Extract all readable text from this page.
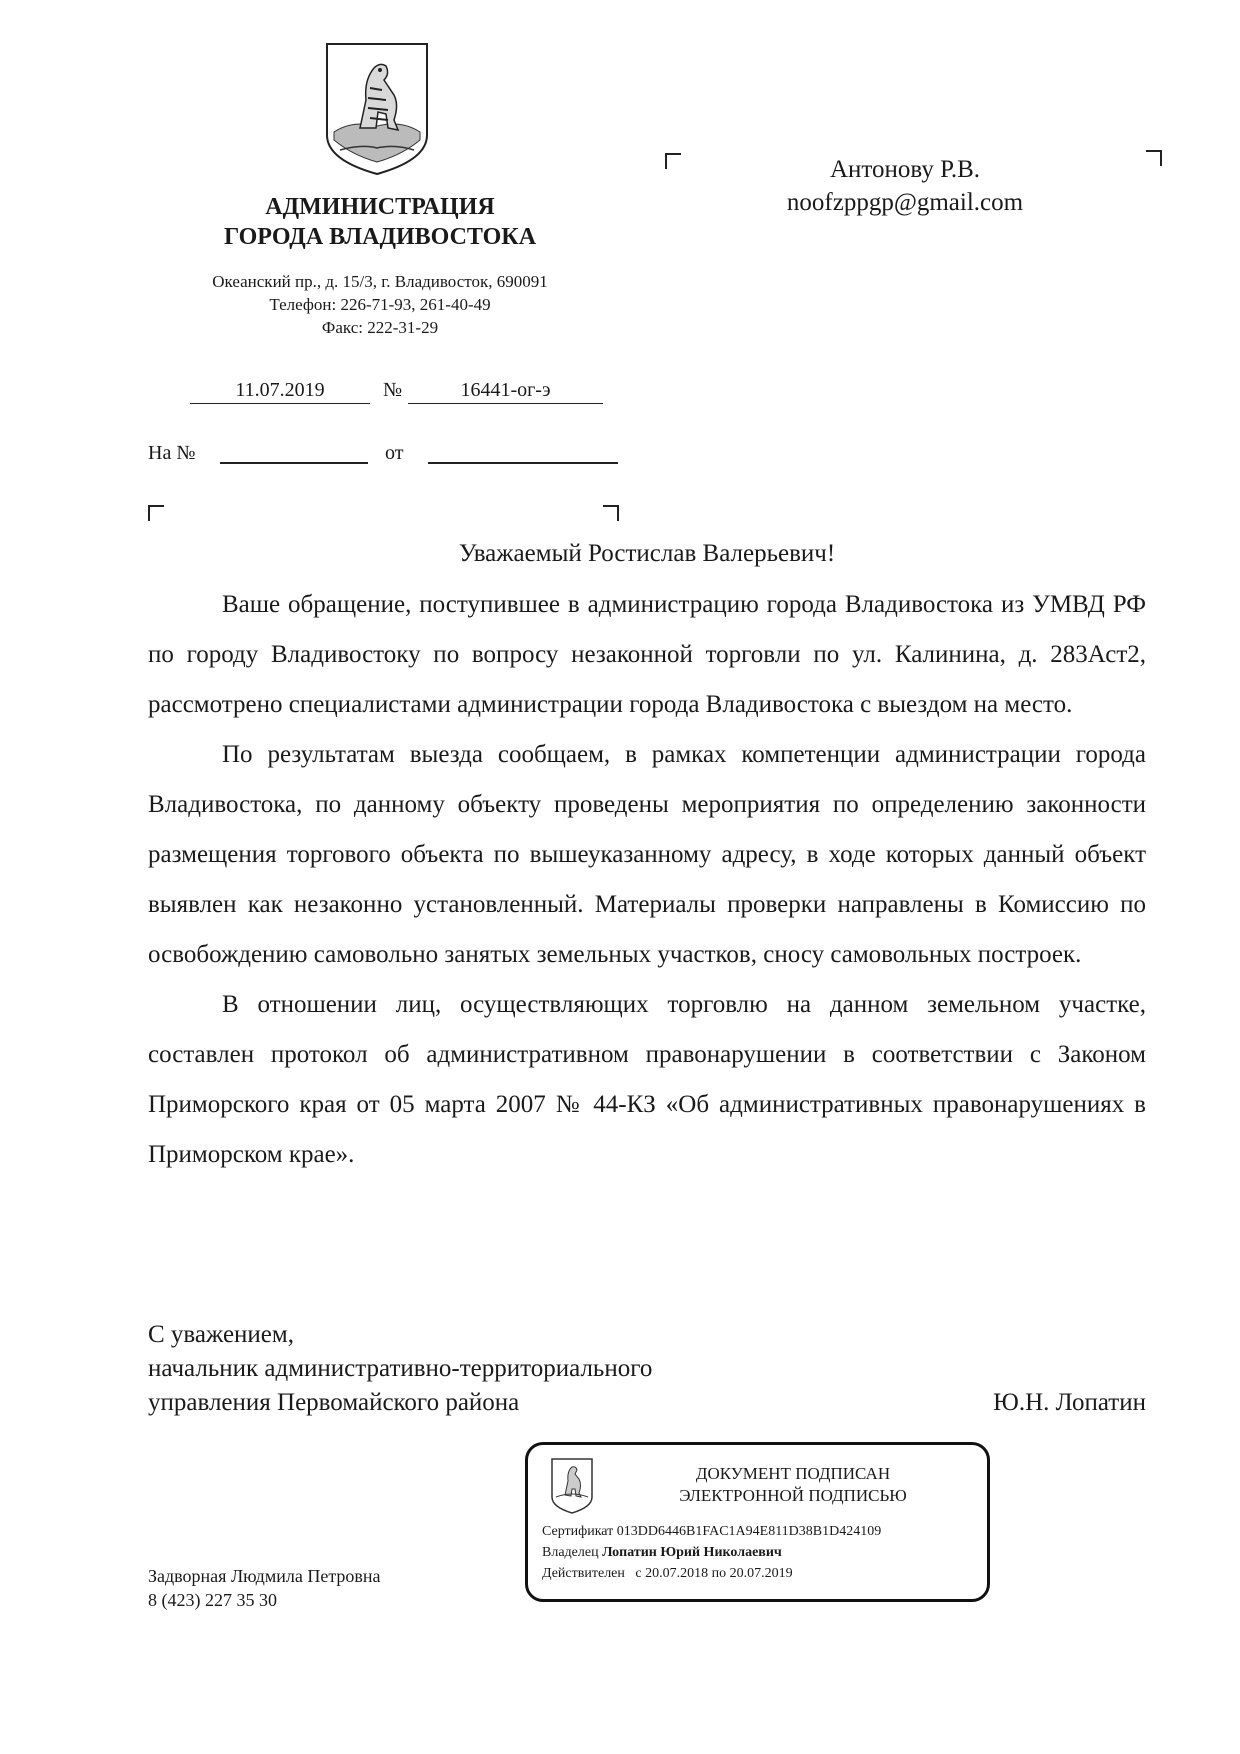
АДМИНИСТРАЦИЯ
ГОРОДА ВЛАДИВОСТОКА
Океанский пр., д. 15/3, г. Владивосток, 690091
Телефон: 226-71-93, 261-40-49
Факс: 222-31-29
11.07.2019	№	16441-ог-э
На №	от
Антонову Р.В.
noofzppgp@gmail.com
Уважаемый Ростислав Валерьевич!

Ваше обращение, поступившее в администрацию города Владивостока из УМВД РФ по городу Владивостоку по вопросу незаконной торговли по ул. Калинина, д. 283Аст2, рассмотрено специалистами администрации города Владивостока с выездом на место.

По результатам выезда сообщаем, в рамках компетенции администрации города Владивостока, по данному объекту проведены мероприятия по определению законности размещения торгового объекта по вышеуказанному адресу, в ходе которых данный объект выявлен как незаконно установленный. Материалы проверки направлены в Комиссию по освобождению самовольно занятых земельных участков, сносу самовольных построек.

В отношении лиц, осуществляющих торговлю на данном земельном участке, составлен протокол об административном правонарушении в соответствии с Законом Приморского края от 05 марта 2007 № 44-КЗ «Об административных правонарушениях в Приморском крае».

С уважением,
начальник административно-территориального
управления Первомайского района	Ю.Н. Лопатин
ДОКУМЕНТ ПОДПИСАН
ЭЛЕКТРОННОЙ ПОДПИСЬЮ
Сертификат 013DD6446B1FAC1A94E811D38B1D424109
Владелец Лопатин Юрий Николаевич
Действителен с 20.07.2018 по 20.07.2019
Задворная Людмила Петровна
8 (423) 227 35 30
